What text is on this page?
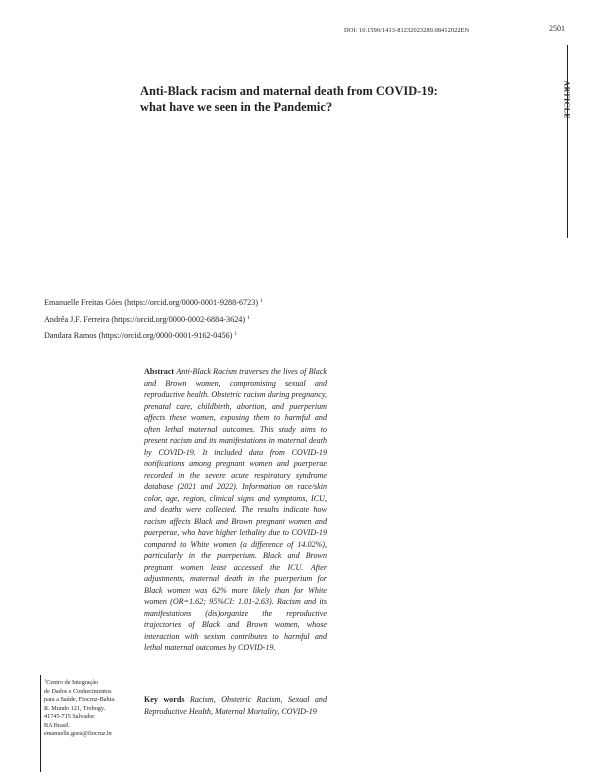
DOI: 10.1590/1413-81232023289.08412022EN	2501
ARTICLE
Anti-Black racism and maternal death from COVID-19:
what have we seen in the Pandemic?
Emanuelle Freitas Góes (https://orcid.org/0000-0001-9288-6723) $^1$
Andrêa J.F. Ferreira (https://orcid.org/0000-0002-6884-3624) $^1$
Dandara Ramos (https://orcid.org/0000-0001-9162-0456) $^1$
Abstract Anti-Black Racism traverses the lives of Black and Brown women, compromising sexual and reproductive health. Obstetric racism during pregnancy, prenatal care, childbirth, abortion, and puerperium affects these women, exposing them to harmful and often lethal maternal outcomes. This study aims to present racism and its manifestations in maternal death by COVID-19. It included data from COVID-19 notifications among pregnant women and puerperae recorded in the severe acute respiratory syndrome database (2021 and 2022). Information on race/skin color, age, region, clinical signs and symptoms, ICU, and deaths were collected. The results indicate how racism affects Black and Brown pregnant women and puerperae, who have higher lethality due to COVID-19 compared to White women (a difference of 14.02%), particularly in the puerperium. Black and Brown pregnant women least accessed the ICU. After adjustments, maternal death in the puerperium for Black women was 62% more likely than for White women (OR=1.62; 95%CI: 1.01-2.63). Racism and its manifestations (dis)organize the reproductive trajectories of Black and Brown women, whose interaction with sexism contributes to harmful and lethal maternal outcomes by COVID-19.
Key words Racism, Obstetric Racism, Sexual and Reproductive Health, Maternal Mortality, COVID-19
$^1$Centro de Integração
de Dados e Conhecimentos
para a Saúde, Fiocruz-Bahia.
R. Mundo 121, Trobogy.
41745-715 Salvador
BA Brasil.
emanuelle.goes@fiocruz.br
